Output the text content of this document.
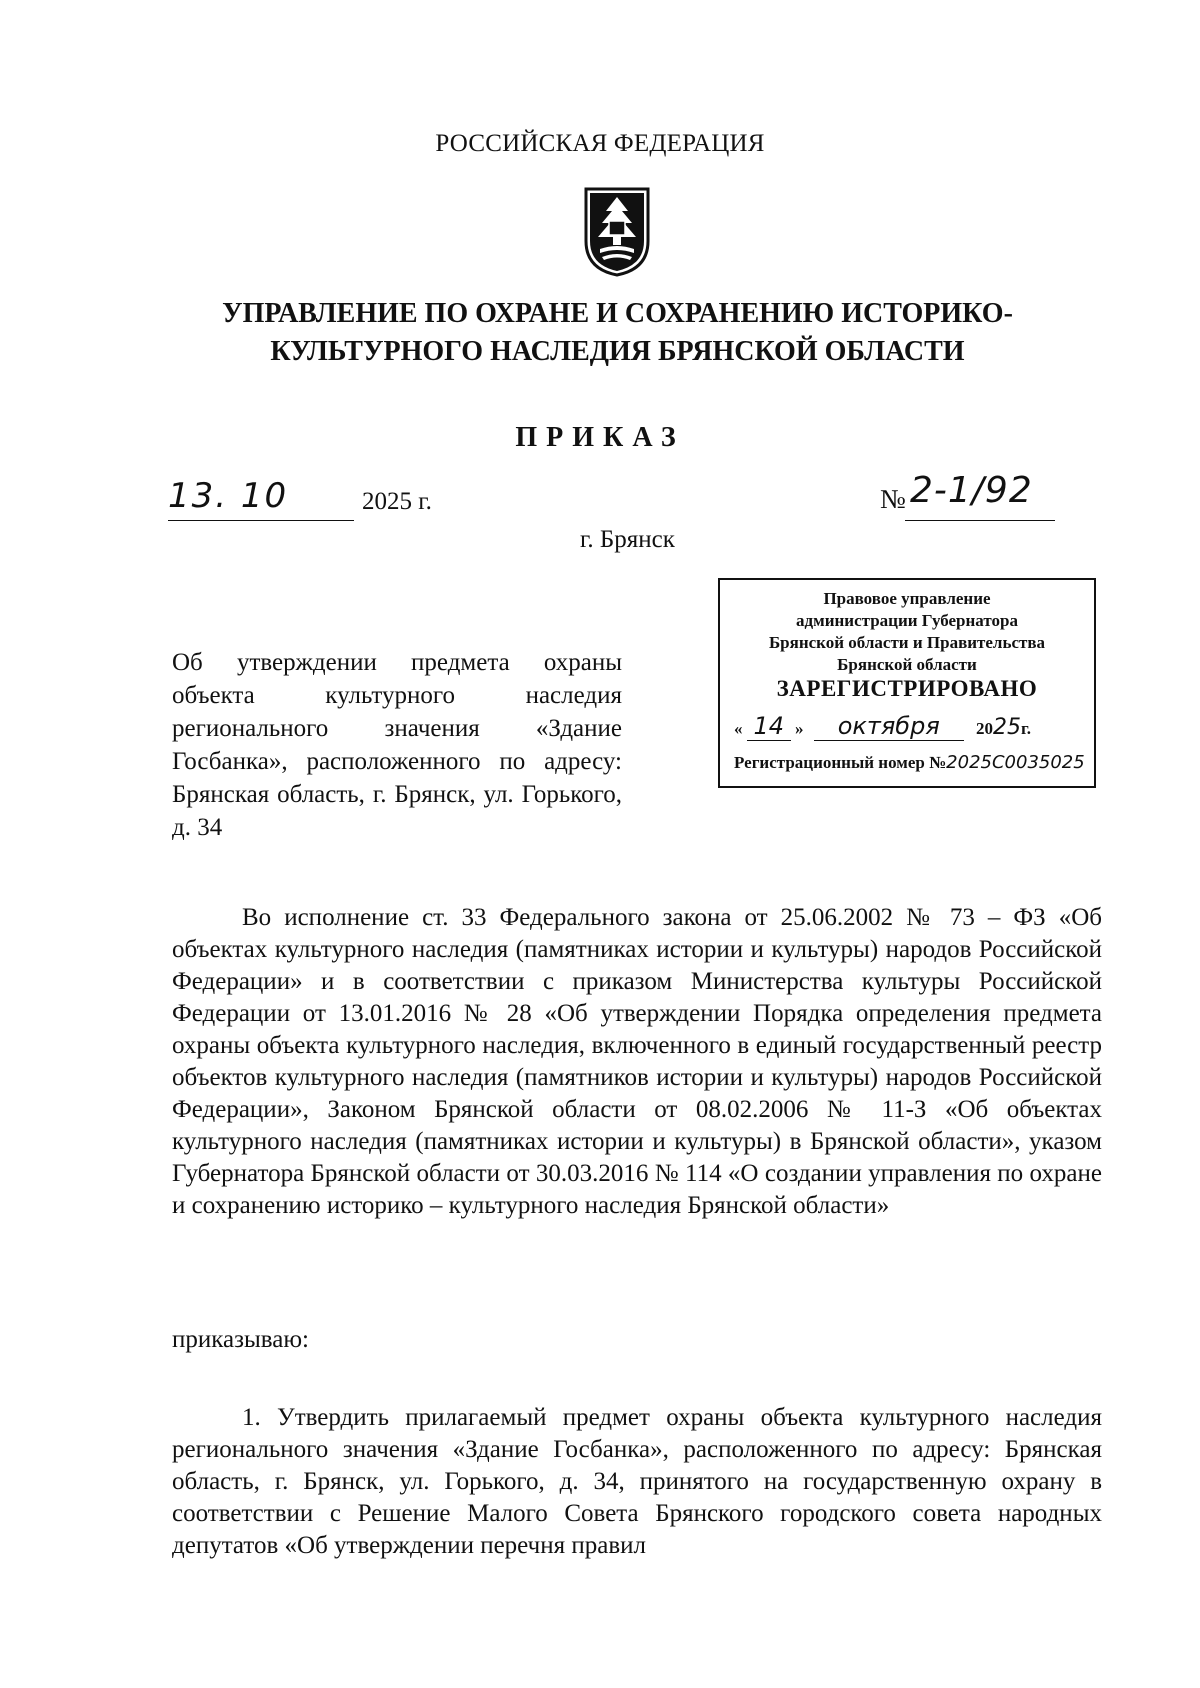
РОССИЙСКАЯ ФЕДЕРАЦИЯ
УПРАВЛЕНИЕ ПО ОХРАНЕ И СОХРАНЕНИЮ ИСТОРИКО-
КУЛЬТУРНОГО НАСЛЕДИЯ БРЯНСКОЙ ОБЛАСТИ
ПРИКАЗ
13. 10	2025 г.	№ 2-1/92
г. Брянск
Правовое управление
администрации Губернатора
Брянской области и Правительства
Брянской области
ЗАРЕГИСТРИРОВАНО
« 14 » октября 2025г.
Регистрационный номер №2025С0035025
Об утверждении предмета охраны объекта культурного наследия регионального значения «Здание Госбанка», расположенного по адресу: Брянская область, г. Брянск, ул. Горького, д. 34
Во исполнение ст. 33 Федерального закона от 25.06.2002 № 73 – ФЗ «Об объектах культурного наследия (памятниках истории и культуры) народов Российской Федерации» и в соответствии с приказом Министерства культуры Российской Федерации от 13.01.2016 № 28 «Об утверждении Порядка определения предмета охраны объекта культурного наследия, включенного в единый государственный реестр объектов культурного наследия (памятников истории и культуры) народов Российской Федерации», Законом Брянской области от 08.02.2006 № 11-З «Об объектах культурного наследия (памятниках истории и культуры) в Брянской области», указом Губернатора Брянской области от 30.03.2016 № 114 «О создании управления по охране и сохранению историко – культурного наследия Брянской области»
приказываю:
1. Утвердить прилагаемый предмет охраны объекта культурного наследия регионального значения «Здание Госбанка», расположенного по адресу: Брянская область, г. Брянск, ул. Горького, д. 34, принятого на государственную охрану в соответствии с Решение Малого Совета Брянского городского совета народных депутатов «Об утверждении перечня правил
